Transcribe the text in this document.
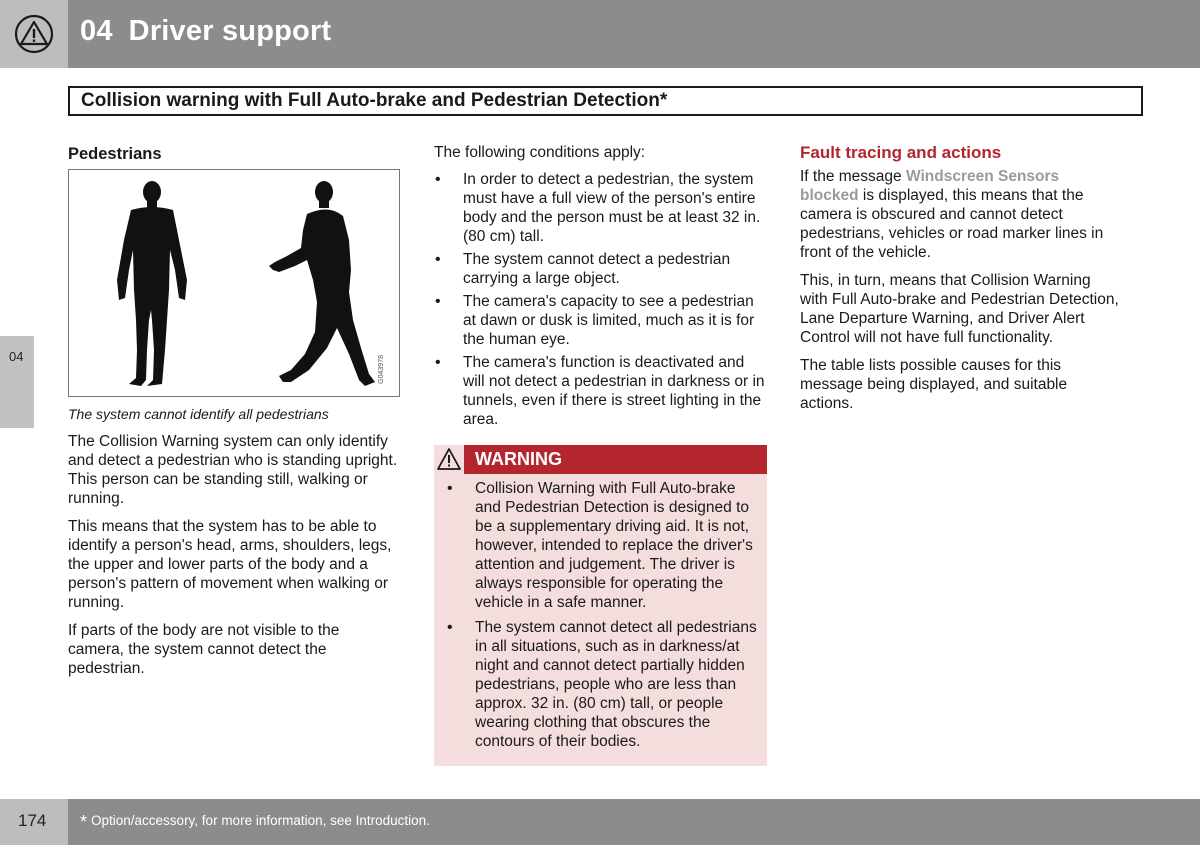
04 Driver support
Collision warning with Full Auto-brake and Pedestrian Detection*
04
Pedestrians
G043978
The system cannot identify all pedestrians

The Collision Warning system can only identify and detect a pedestrian who is standing upright. This person can be standing still, walking or running.

This means that the system has to be able to identify a person's head, arms, shoulders, legs, the upper and lower parts of the body and a person's pattern of movement when walking or running.

If parts of the body are not visible to the camera, the system cannot detect the pedestrian.

The following conditions apply:
• In order to detect a pedestrian, the system must have a full view of the person's entire body and the person must be at least 32 in. (80 cm) tall.
• The system cannot detect a pedestrian carrying a large object.
• The camera's capacity to see a pedestrian at dawn or dusk is limited, much as it is for the human eye.
• The camera's function is deactivated and will not detect a pedestrian in darkness or in tunnels, even if there is street lighting in the area.
WARNING
• Collision Warning with Full Auto-brake and Pedestrian Detection is designed to be a supplementary driving aid. It is not, however, intended to replace the driver's attention and judgement. The driver is always responsible for operating the vehicle in a safe manner.
• The system cannot detect all pedestrians in all situations, such as in darkness/at night and cannot detect partially hidden pedestrians, people who are less than approx. 32 in. (80 cm) tall, or people wearing clothing that obscures the contours of their bodies.
Fault tracing and actions

If the message Windscreen Sensors blocked is displayed, this means that the camera is obscured and cannot detect pedestrians, vehicles or road marker lines in front of the vehicle.

This, in turn, means that Collision Warning with Full Auto-brake and Pedestrian Detection, Lane Departure Warning, and Driver Alert Control will not have full functionality.

The table lists possible causes for this message being displayed, and suitable actions.

174 * Option/accessory, for more information, see Introduction.
